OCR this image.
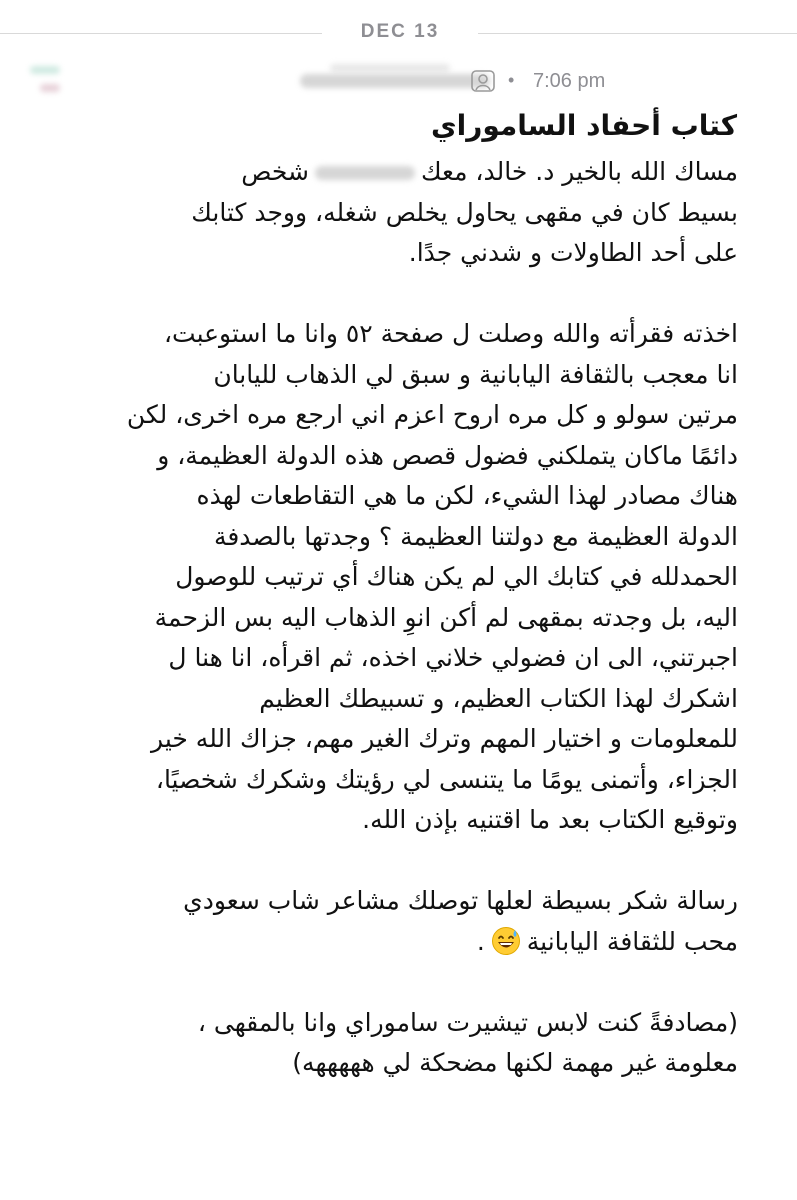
DEC 13
• 7:06 pm
كتاب أحفاد الساموراي
مساك الله بالخير د. خالد، معكشخص
بسيط كان في مقهى يحاول يخلص شغله، ووجد كتابك
على أحد الطاولات و شدني جدًا.
اخذته فقرأته والله وصلت ل صفحة ٥٢ وانا ما استوعبت،
انا معجب بالثقافة اليابانية و سبق لي الذهاب لليابان
مرتين سولو و كل مره اروح اعزم اني ارجع مره اخرى، لكن
دائمًا ماكان يتملكني فضول قصص هذه الدولة العظيمة، و
هناك مصادر لهذا الشيء، لكن ما هي التقاطعات لهذه
الدولة العظيمة مع دولتنا العظيمة ؟ وجدتها بالصدفة
الحمدلله في كتابك الي لم يكن هناك أي ترتيب للوصول
اليه، بل وجدته بمقهى لم أكن انوِ الذهاب اليه بس الزحمة
اجبرتني، الى ان فضولي خلاني اخذه، ثم اقرأه، انا هنا ل
اشكرك لهذا الكتاب العظيم، و تسبيطك العظيم
للمعلومات و اختيار المهم وترك الغير مهم، جزاك الله خير
الجزاء، وأتمنى يومًا ما يتنسى لي رؤيتك وشكرك شخصيًا،
وتوقيع الكتاب بعد ما اقتنيه بإذن الله.
رسالة شكر بسيطة لعلها توصلك مشاعر شاب سعودي
محب للثقافة اليابانية.
(مصادفةً كنت لابس تيشيرت ساموراي وانا بالمقهى ،
معلومة غير مهمة لكنها مضحكة لي هههههه)
